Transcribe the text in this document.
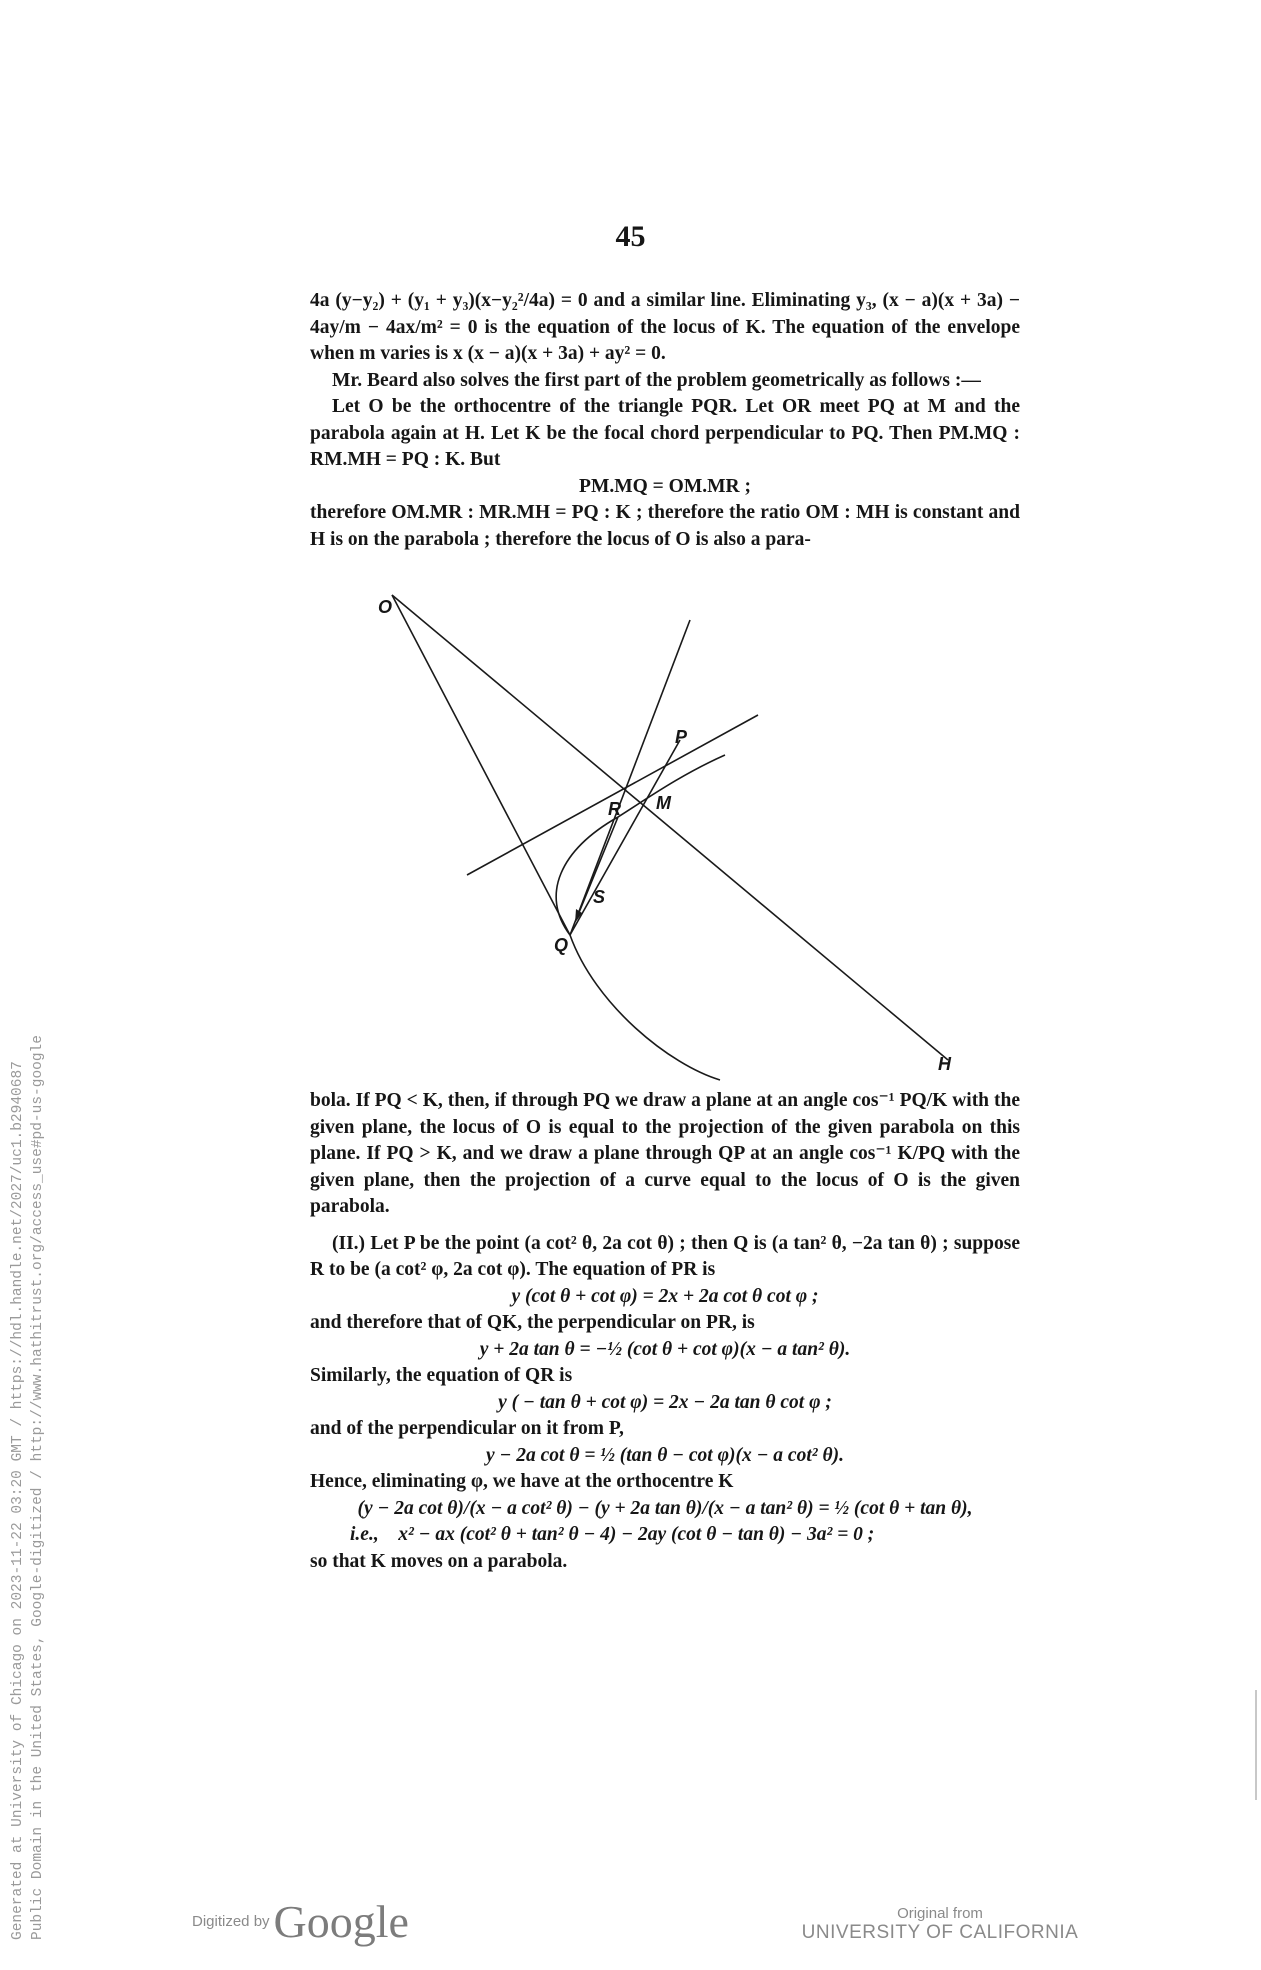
45

4a (y−y₂) + (y₁ + y₃)(x−y₂²/4a) = 0 and a similar line. Eliminating y₃, (x − a)(x + 3a) − 4ay/m − 4ax/m² = 0 is the equation of the locus of K. The equation of the envelope when m varies is x (x − a)(x + 3a) + ay² = 0.

Mr. Beard also solves the first part of the problem geometrically as follows :—

Let O be the orthocentre of the triangle PQR. Let OR meet PQ at M and the parabola again at H. Let K be the focal chord perpendicular to PQ. Then PM.MQ : RM.MH = PQ : K. But

PM.MQ = OM.MR ;

therefore OM.MR : MR.MH = PQ : K ; therefore the ratio OM : MH is constant and H is on the parabola ; therefore the locus of O is also a para-

O
P
R M
S
Q
H

bola. If PQ < K, then, if through PQ we draw a plane at an angle cos⁻¹ PQ/K with the given plane, the locus of O is equal to the projection of the given parabola on this plane. If PQ > K, and we draw a plane through QP at an angle cos⁻¹ K/PQ with the given plane, then the projection of a curve equal to the locus of O is the given parabola.

(II.) Let P be the point (a cot² θ, 2a cot θ) ; then Q is (a tan² θ, −2a tan θ) ; suppose R to be (a cot² φ, 2a cot φ). The equation of PR is

y (cot θ + cot φ) = 2x + 2a cot θ cot φ ;

and therefore that of QK, the perpendicular on PR, is

y + 2a tan θ = −½ (cot θ + cot φ)(x − a tan² θ).

Similarly, the equation of QR is

y ( − tan θ + cot φ) = 2x − 2a tan θ cot φ ;

and of the perpendicular on it from P,

y − 2a cot θ = ½ (tan θ − cot φ)(x − a cot² θ).

Hence, eliminating φ, we have at the orthocentre K

(y − 2a cot θ)/(x − a cot² θ) − (y + 2a tan θ)/(x − a tan² θ) = ½ (cot θ + tan θ),
i.e., x² − ax (cot² θ + tan² θ − 4) − 2ay (cot θ − tan θ) − 3a² = 0 ;

so that K moves on a parabola.

Generated at University of Chicago on 2023-11-22 03:20 GMT / https://hdl.handle.net/2027/uc1.b2940687 Public Domain in the United States, Google-digitized / http://www.hathitrust.org/access_use#pd-us-google	Digitized by Google	Original from
UNIVERSITY OF CALIFORNIA
